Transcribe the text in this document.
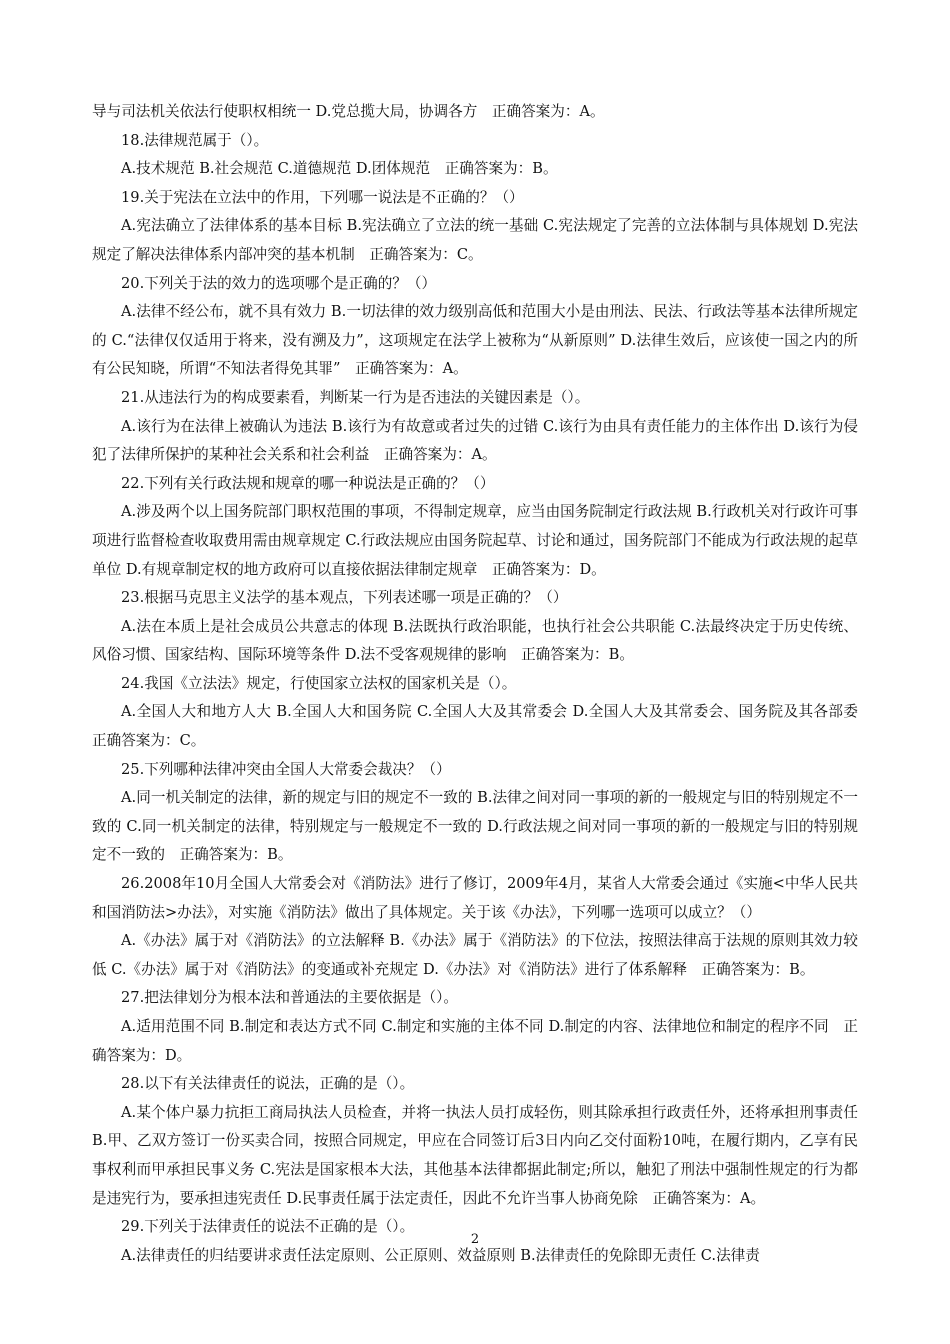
导与司法机关依法行使职权相统一 D.党总揽大局，协调各方　正确答案为：A。

18.法律规范属于（）。

A.技术规范 B.社会规范 C.道德规范 D.团体规范　正确答案为：B。

19.关于宪法在立法中的作用，下列哪一说法是不正确的？（）

A.宪法确立了法律体系的基本目标 B.宪法确立了立法的统一基础 C.宪法规定了完善的立法体制与具体规划 D.宪法规定了解决法律体系内部冲突的基本机制　正确答案为：C。

20.下列关于法的效力的选项哪个是正确的？（）

A.法律不经公布，就不具有效力 B.一切法律的效力级别高低和范围大小是由刑法、民法、行政法等基本法律所规定的 C.“法律仅仅适用于将来，没有溯及力”，这项规定在法学上被称为“从新原则” D.法律生效后，应该使一国之内的所有公民知晓，所谓“不知法者得免其罪”　正确答案为：A。

21.从违法行为的构成要素看，判断某一行为是否违法的关键因素是（）。

A.该行为在法律上被确认为违法 B.该行为有故意或者过失的过错 C.该行为由具有责任能力的主体作出 D.该行为侵犯了法律所保护的某种社会关系和社会利益　正确答案为：A。

22.下列有关行政法规和规章的哪一种说法是正确的？（）

A.涉及两个以上国务院部门职权范围的事项，不得制定规章，应当由国务院制定行政法规 B.行政机关对行政许可事项进行监督检查收取费用需由规章规定 C.行政法规应由国务院起草、讨论和通过，国务院部门不能成为行政法规的起草单位 D.有规章制定权的地方政府可以直接依据法律制定规章　正确答案为：D。

23.根据马克思主义法学的基本观点，下列表述哪一项是正确的？（）

A.法在本质上是社会成员公共意志的体现 B.法既执行政治职能，也执行社会公共职能 C.法最终决定于历史传统、风俗习惯、国家结构、国际环境等条件 D.法不受客观规律的影响　正确答案为：B。

24.我国《立法法》规定，行使国家立法权的国家机关是（）。

A.全国人大和地方人大 B.全国人大和国务院 C.全国人大及其常委会 D.全国人大及其常委会、国务院及其各部委　正确答案为：C。

25.下列哪种法律冲突由全国人大常委会裁决？（）

A.同一机关制定的法律，新的规定与旧的规定不一致的 B.法律之间对同一事项的新的一般规定与旧的特别规定不一致的 C.同一机关制定的法律，特别规定与一般规定不一致的 D.行政法规之间对同一事项的新的一般规定与旧的特别规定不一致的　正确答案为：B。

26.2008年10月全国人大常委会对《消防法》进行了修订，2009年4月，某省人大常委会通过《实施<中华人民共和国消防法>办法》，对实施《消防法》做出了具体规定。关于该《办法》，下列哪一选项可以成立？（）

A.《办法》属于对《消防法》的立法解释 B.《办法》属于《消防法》的下位法，按照法律高于法规的原则其效力较低 C.《办法》属于对《消防法》的变通或补充规定 D.《办法》对《消防法》进行了体系解释　正确答案为：B。

27.把法律划分为根本法和普通法的主要依据是（）。

A.适用范围不同 B.制定和表达方式不同 C.制定和实施的主体不同 D.制定的内容、法律地位和制定的程序不同　正确答案为：D。

28.以下有关法律责任的说法，正确的是（）。

A.某个体户暴力抗拒工商局执法人员检查，并将一执法人员打成轻伤，则其除承担行政责任外，还将承担刑事责任 B.甲、乙双方签订一份买卖合同，按照合同规定，甲应在合同签订后3日内向乙交付面粉10吨，在履行期内，乙享有民事权利而甲承担民事义务 C.宪法是国家根本大法，其他基本法律都据此制定;所以，触犯了刑法中强制性规定的行为都是违宪行为，要承担违宪责任 D.民事责任属于法定责任，因此不允许当事人协商免除　正确答案为：A。

29.下列关于法律责任的说法不正确的是（）。

A.法律责任的归结要讲求责任法定原则、公正原则、效益原则 B.法律责任的免除即无责任 C.法律责

2
